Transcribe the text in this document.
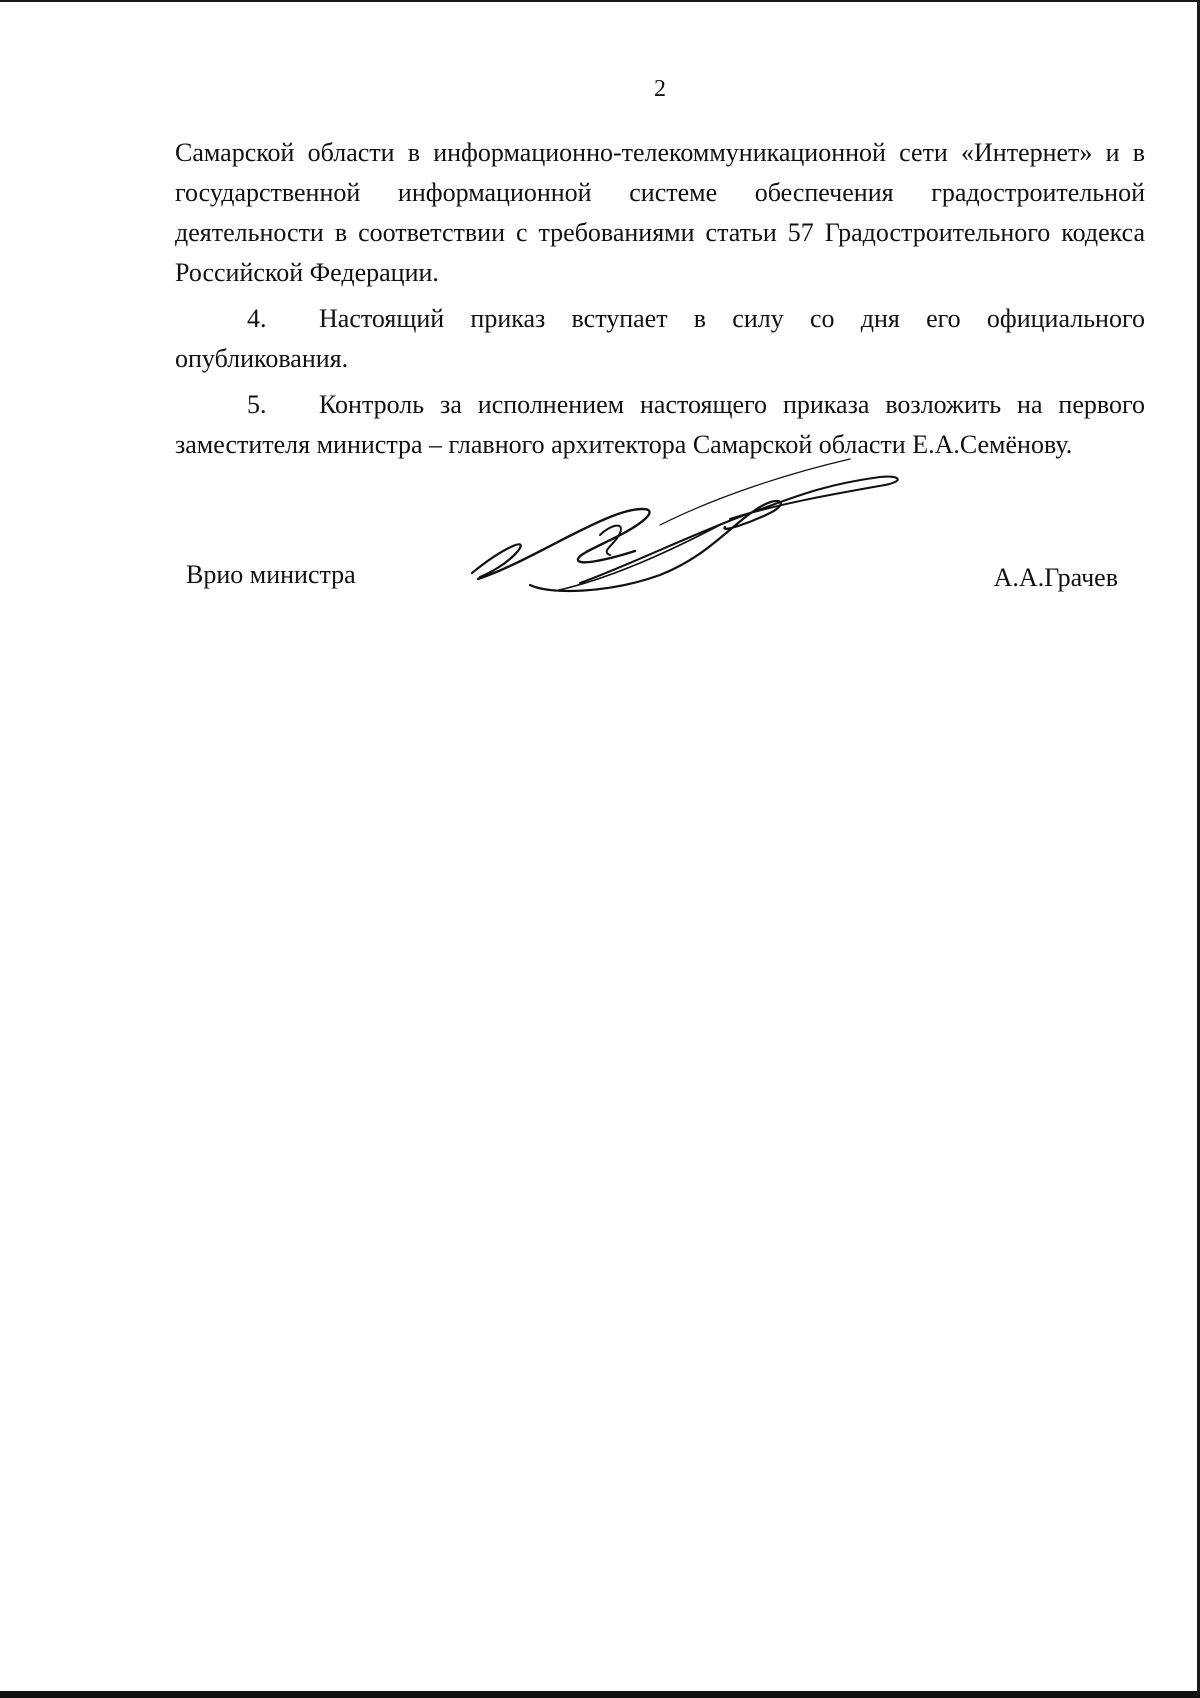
2

Самарской области в информационно-телекоммуникационной сети «Интернет» и в государственной информационной системе обеспечения градостроительной деятельности в соответствии с требованиями статьи 57 Градостроительного кодекса Российской Федерации.

4. Настоящий приказ вступает в силу со дня его официального опубликования.

5. Контроль за исполнением настоящего приказа возложить на первого заместителя министра – главного архитектора Самарской области Е.А.Семёнову.

Врио министра	А.А.Грачев
